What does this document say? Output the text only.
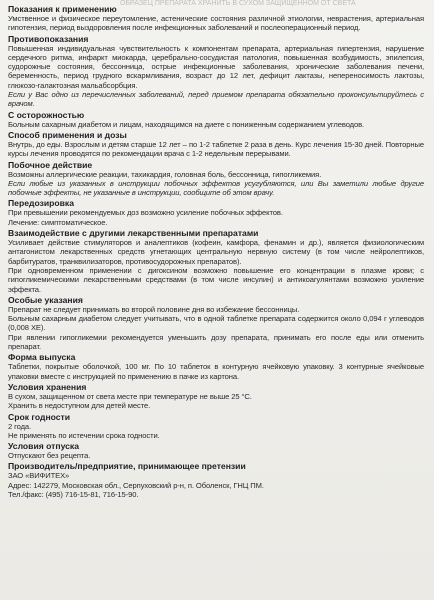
ОБРАЗЕЦ ПРЕПАРАТА ХРАНИТЬ В СУХОМ ЗАЩИЩЕННОМ ОТ СВЕТА
Показания к применению
Умственное и физическое переутомление, астенические состояния различной этиологии, невраcтения, артериальная гипотензия, период выздоровления после инфекционных заболеваний и послеоперационный период.
Противопоказания
Повышенная индивидуальная чувствительность к компонентам препарата, артериальная гипертензия, нарушение сердечного ритма, инфаркт миокарда, церебрально-сосудистая патология, повышенная возбудимость, эпилепсия, судорожные состояния, бессонница, острые инфекционные заболевания, хронические заболевания печени, беременность, период грудного вскармливания, возраст до 12 лет, дефицит лактазы, непереносимость лактозы, глюкозо-галактозная мальабсорбция.
Если у Вас одно из перечисленных заболеваний, перед приемом препарата обязательно проконсультируйтесь с врачом.
С осторожностью
Больным сахарным диабетом и лицам, находящимся на диете с пониженным содержанием углеводов.
Способ применения и дозы
Внутрь, до еды. Взрослым и детям старше 12 лет – по 1-2 таблетке 2 раза в день. Курс лечения 15-30 дней. Повторные курсы лечения проводятся по рекомендации врача с 1-2 недельным перерывами.
Побочное действие
Возможны аллергические реакции, тахикардия, головная боль, бессонница, гипогликемия.
Если любые из указанных в инструкции побочных эффектов усугубляются, или Вы заметили любые другие побочные эффекты, не указанные в инструкции, сообщите об этом врачу.
Передозировка
При превышении рекомендуемых доз возможно усиление побочных эффектов.
Лечение: симптоматическое.
Взаимодействие с другими лекарственными препаратами
Усиливает действие стимуляторов и аналептиков (кофеин, камфора, фенамин и др.), является физиологическим антагонистом лекарственных средств угнетающих центральную нервную систему (в том числе нейролептиков, барбитуратов, транквилизаторов, противосудорожных препаратов).
При одновременном применении с дигоксином возможно повышение его концентрации в плазме крови; с гипогликемическими лекарственными средствами (в том числе инсулин) и антикоагулянтами возможно усиление эффекта.
Особые указания
Препарат не следует принимать во второй половине дня во избежание бессонницы.
Больным сахарным диабетом следует учитывать, что в одной таблетке препарата содержится около 0,094 г углеводов (0,008 ХЕ).
При явлении гипогликемии рекомендуется уменьшить дозу препарата, принимать его после еды или отменить препарат.
Форма выпуска
Таблетки, покрытые оболочкой, 100 мг. По 10 таблеток в контурную ячейковую упаковку. 3 контурные ячейковые упаковки вместе с инструкцией по применению в пачке из картона.
Условия хранения
В сухом, защищенном от света месте при температуре не выше 25 °С.
Хранить в недоступном для детей месте.
Срок годности
2 года.
Не применять по истечении срока годности.
Условия отпуска
Отпускают без рецепта.
Производитель/предприятие, принимающее претензии
ЗАО «ВИФИТЕХ»
Адрес: 142279, Московская обл., Серпуховский р-н, п. Оболенск, ГНЦ ПМ.
Тел./факс: (495) 716-15-81, 716-15-90.
